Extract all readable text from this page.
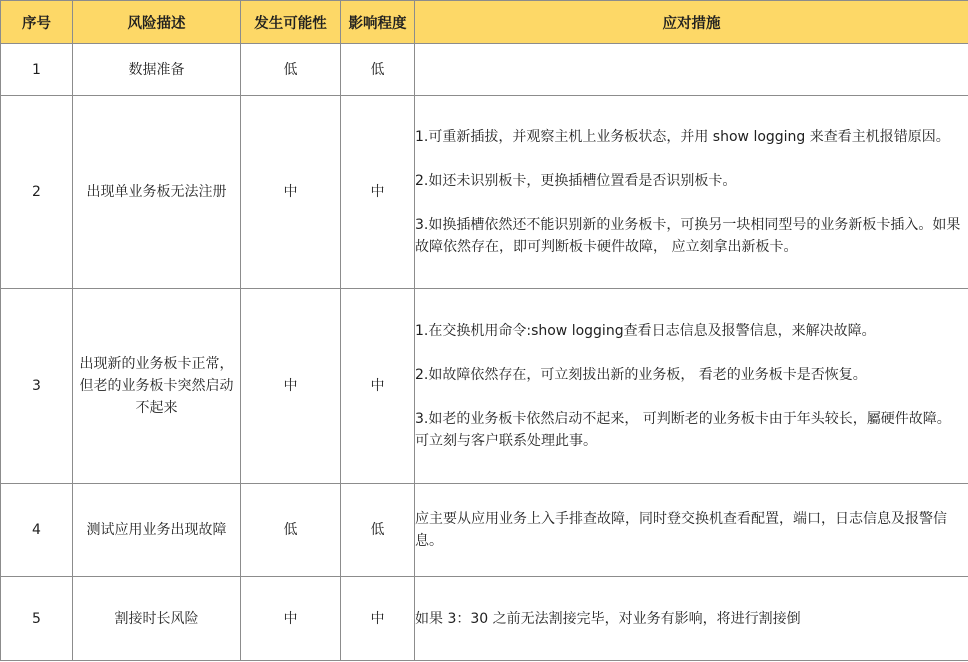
序号	风险描述	发生可能性	影响程度	应对措施
1	数据准备	低	低	
2	出现单业务板无法注册	中	中	1.可重新插拔，并观察主机上业务板状态，并用 show logging 来查看主机报错原因。

2.如还未识别板卡，更换插槽位置看是否识别板卡。

3.如换插槽依然还不能识别新的业务板卡，可换另一块相同型号的业务新板卡插入。如果故障依然存在，即可判断板卡硬件故障， 应立刻拿出新板卡。

3	出现新的业务板卡正常，但老的业务板卡突然启动不起来	中	中	1.在交换机用命令:show logging查看日志信息及报警信息，来解决故障。

2.如故障依然存在，可立刻拔出新的业务板， 看老的业务板卡是否恢复。

3.如老的业务板卡依然启动不起来， 可判断老的业务板卡由于年头较长，屬硬件故障。 可立刻与客户联系处理此事。

4	测试应用业务出现故障	低	低	应主要从应用业务上入手排查故障，同时登交换机查看配置，端口，日志信息及报警信息。

5	割接时长风险	中	中	如果 3：30 之前无法割接完毕，对业务有影响，将进行割接倒
